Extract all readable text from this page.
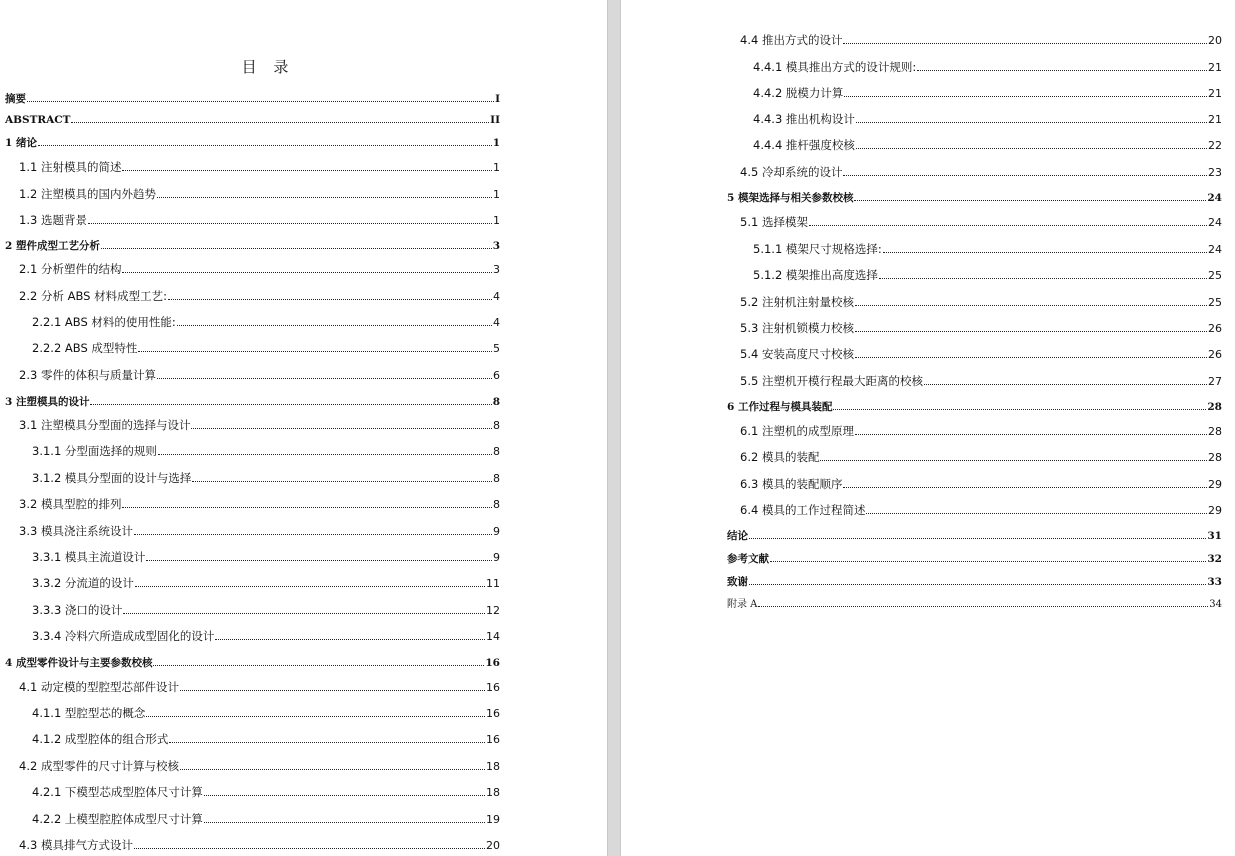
目 录
摘要	I
ABSTRACT	II
1 绪论	1
1.1 注射模具的简述	1
1.2 注塑模具的国内外趋势	1
1.3 选题背景	1
2 塑件成型工艺分析	3
2.1 分析塑件的结构	3
2.2 分析 ABS 材料成型工艺:	4
2.2.1 ABS 材料的使用性能:	4
2.2.2 ABS 成型特性	5
2.3 零件的体积与质量计算	6
3 注塑模具的设计	8
3.1 注塑模具分型面的选择与设计	8
3.1.1 分型面选择的规则	8
3.1.2 模具分型面的设计与选择	8
3.2 模具型腔的排列	8
3.3 模具浇注系统设计	9
3.3.1 模具主流道设计	9
3.3.2 分流道的设计	11
3.3.3 浇口的设计	12
3.3.4 冷料穴所造成成型固化的设计	14
4 成型零件设计与主要参数校核	16
4.1 动定模的型腔型芯部件设计	16
4.1.1 型腔型芯的概念	16
4.1.2 成型腔体的组合形式	16
4.2 成型零件的尺寸计算与校核	18
4.2.1 下模型芯成型腔体尺寸计算	18
4.2.2 上模型腔腔体成型尺寸计算	19
4.3 模具排气方式设计	20
4.4 推出方式的设计	20
4.4.1 模具推出方式的设计规则:	21
4.4.2 脱模力计算	21
4.4.3 推出机构设计	21
4.4.4 推杆强度校核	22
4.5 冷却系统的设计	23
5 模架选择与相关参数校核	24
5.1 选择模架	24
5.1.1 模架尺寸规格选择:	24
5.1.2 模架推出高度选择	25
5.2 注射机注射量校核	25
5.3 注射机锁模力校核	26
5.4 安装高度尺寸校核	26
5.5 注塑机开模行程最大距离的校核	27
6 工作过程与模具装配	28
6.1 注塑机的成型原理	28
6.2 模具的装配	28
6.3 模具的装配顺序	29
6.4 模具的工作过程简述	29
结论	31
参考文献	32
致谢	33
附录 A	34
